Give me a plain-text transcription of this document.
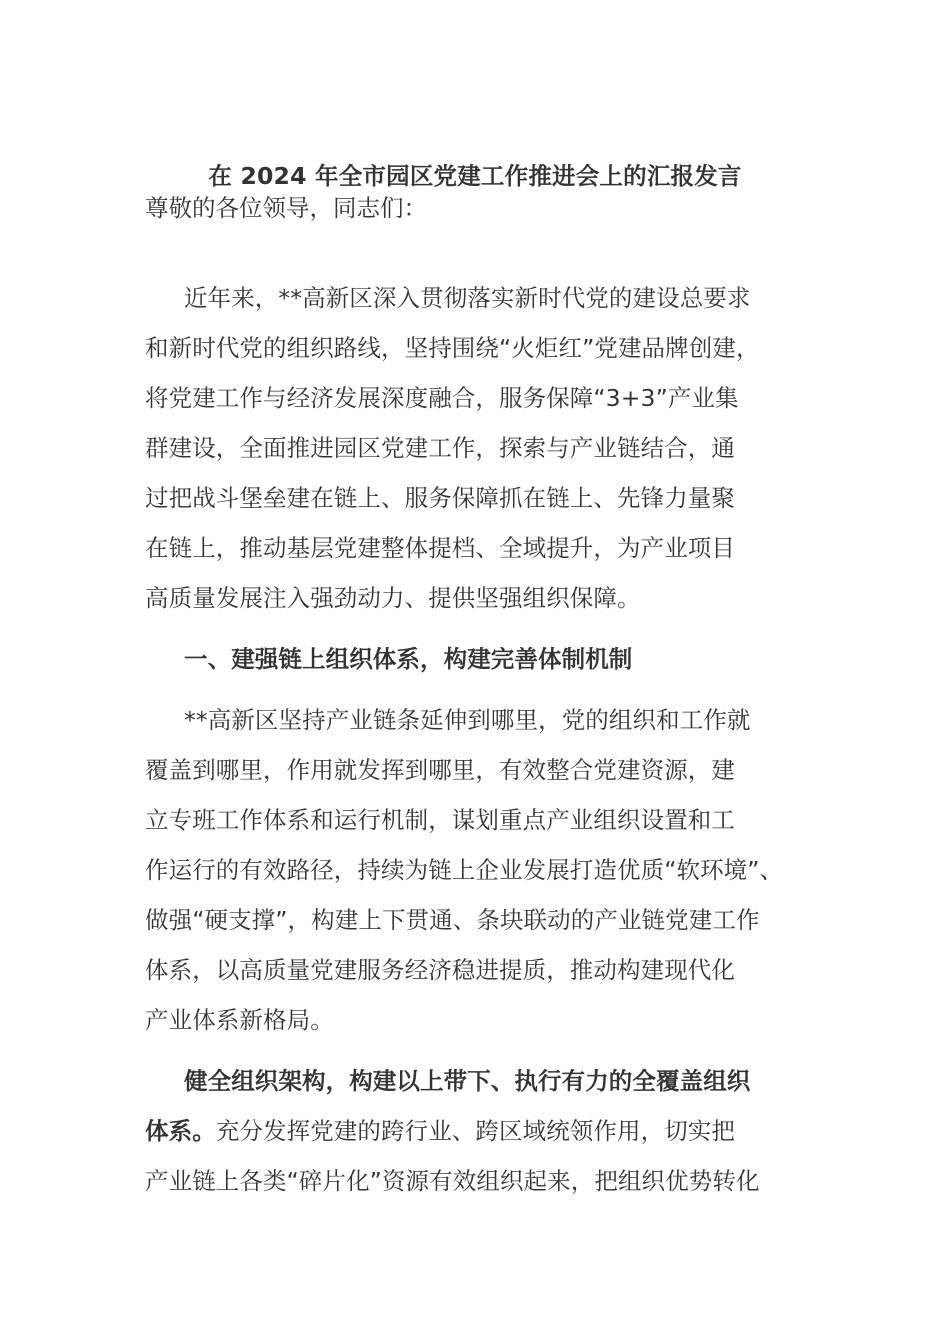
在 2024 年全市园区党建工作推进会上的汇报发言
尊敬的各位领导，同志们：
近年来，**高新区深入贯彻落实新时代党的建设总要求
和新时代党的组织路线，坚持围绕“火炬红”党建品牌创建，
将党建工作与经济发展深度融合，服务保障“3+3”产业集
群建设，全面推进园区党建工作，探索与产业链结合，通
过把战斗堡垒建在链上、服务保障抓在链上、先锋力量聚
在链上，推动基层党建整体提档、全域提升，为产业项目
高质量发展注入强劲动力、提供坚强组织保障。
一、建强链上组织体系，构建完善体制机制
**高新区坚持产业链条延伸到哪里，党的组织和工作就
覆盖到哪里，作用就发挥到哪里，有效整合党建资源，建
立专班工作体系和运行机制，谋划重点产业组织设置和工
作运行的有效路径，持续为链上企业发展打造优质“软环境”、
做强“硬支撑”，构建上下贯通、条块联动的产业链党建工作
体系，以高质量党建服务经济稳进提质，推动构建现代化
产业体系新格局。
健全组织架构，构建以上带下、执行有力的全覆盖组织
体系。充分发挥党建的跨行业、跨区域统领作用，切实把
产业链上各类“碎片化”资源有效组织起来，把组织优势转化
